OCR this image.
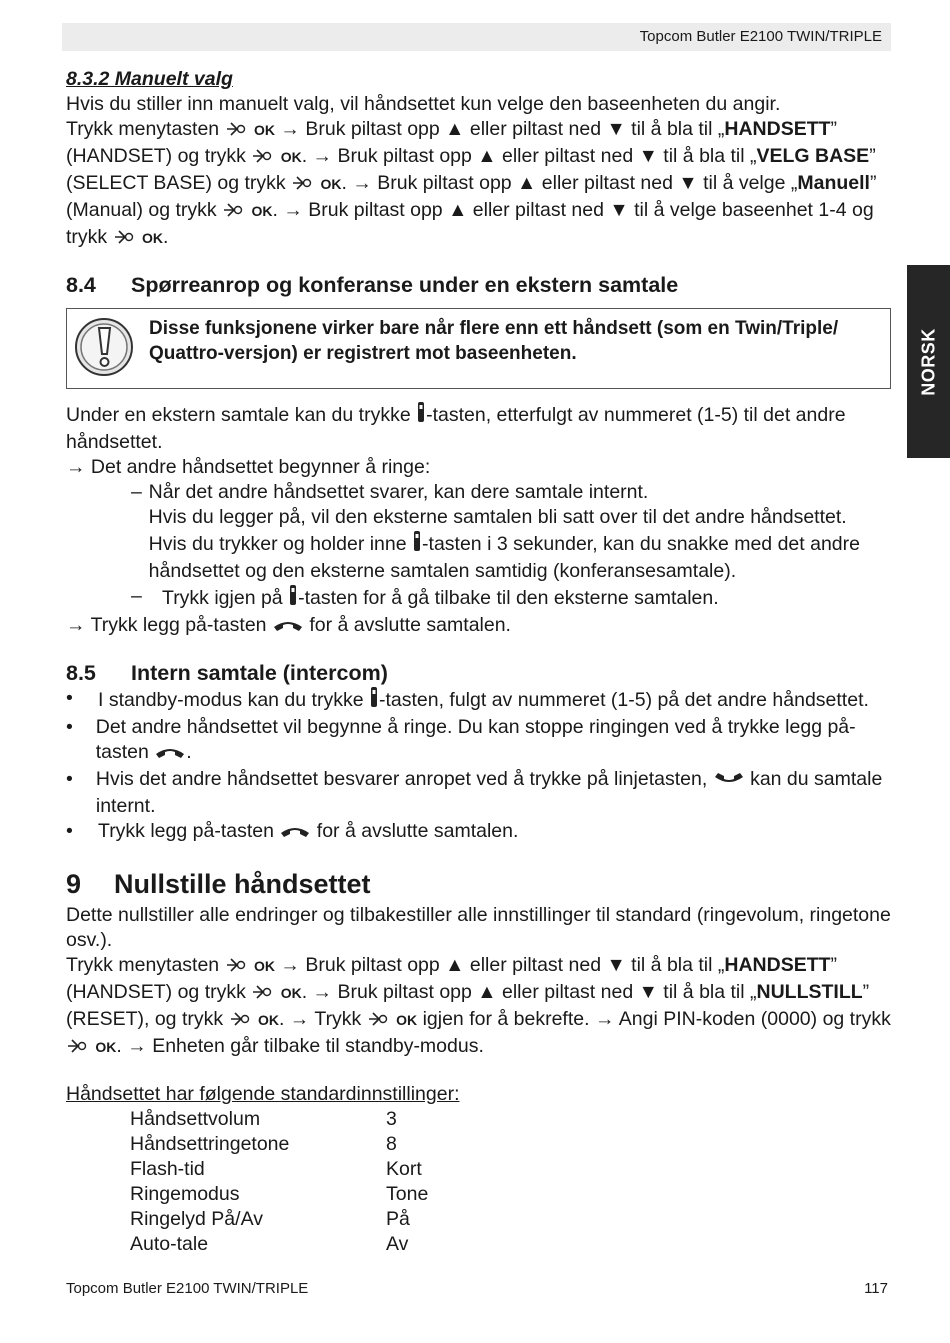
Topcom Butler E2100 TWIN/TRIPLE
NORSK
8.3.2 Manuelt valg

Hvis du stiller inn manuelt valg, vil håndsettet kun velge den baseenheten du angir.

Trykk menytasten OK → Bruk piltast opp ▲ eller piltast ned ▼ til å bla til „HANDSETT” (HANDSET) og trykk OK. → Bruk piltast opp ▲ eller piltast ned ▼ til å bla til „VELG BASE” (SELECT BASE) og trykk OK. → Bruk piltast opp ▲ eller piltast ned ▼ til å velge „Manuell” (Manual) og trykk OK. → Bruk piltast opp ▲ eller piltast ned ▼ til å velge baseenhet 1-4 og trykk OK.

8.4	Spørreanrop og konferanse under en ekstern samtale
Disse funksjonene virker bare når flere enn ett håndsett (som en Twin/Triple/ Quattro-versjon) er registrert mot baseenheten.

Under en ekstern samtale kan du trykke -tasten, etterfulgt av nummeret (1-5) til det andre håndsettet.

→ Det andre håndsettet begynner å ringe:

– Når det andre håndsettet svarer, kan dere samtale internt.
Hvis du legger på, vil den eksterne samtalen bli satt over til det andre håndsettet.
Hvis du trykker og holder inne -tasten i 3 sekunder, kan du snakke med det andre håndsettet og den eksterne samtalen samtidig (konferansesamtale).
–	Trykk igjen på -tasten for å gå tilbake til den eksterne samtalen.

→ Trykk legg på-tasten for å avslutte samtalen.

8.5	Intern samtale (intercom)
•	I standby-modus kan du trykke -tasten, fulgt av nummeret (1-5) på det andre håndsettet.
•	Det andre håndsettet vil begynne å ringe. Du kan stoppe ringingen ved å trykke legg på-tasten .
•	Hvis det andre håndsettet besvarer anropet ved å trykke på linjetasten, kan du samtale internt.
•	Trykk legg på-tasten for å avslutte samtalen.
9	Nullstille håndsettet

Dette nullstiller alle endringer og tilbakestiller alle innstillinger til standard (ringevolum, ringetone osv.).

Trykk menytasten OK → Bruk piltast opp ▲ eller piltast ned ▼ til å bla til „HANDSETT” (HANDSET) og trykk OK. → Bruk piltast opp ▲ eller piltast ned ▼ til å bla til „NULLSTILL” (RESET), og trykk OK. → Trykk OK igjen for å bekrefte. → Angi PIN-koden (0000) og trykk  OK. → Enheten går tilbake til standby-modus.

Håndsettet har følgende standardinnstillinger:

Håndsettvolum	3
Håndsettringetone	8
Flash-tid	Kort
Ringemodus	Tone
Ringelyd På/Av	På
Auto-tale	Av
Topcom Butler E2100 TWIN/TRIPLE	117
